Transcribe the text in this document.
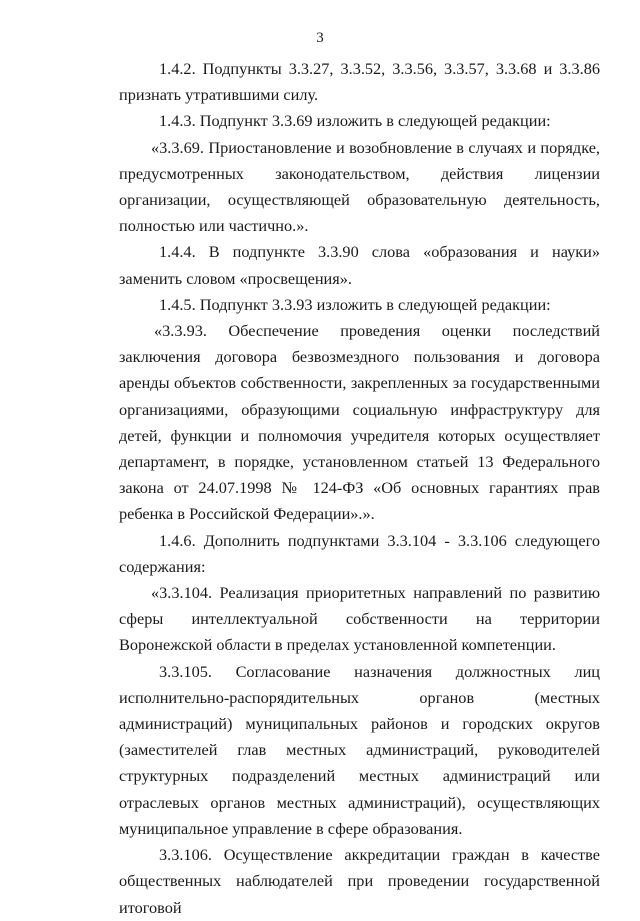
3

1.4.2. Подпункты 3.3.27, 3.3.52, 3.3.56, 3.3.57, 3.3.68 и 3.3.86 признать утратившими силу.

1.4.3. Подпункт 3.3.69 изложить в следующей редакции:

«3.3.69. Приостановление и возобновление в случаях и порядке, предусмотренных законодательством, действия лицензии организации, осуществляющей образовательную деятельность, полностью или частично.».

1.4.4. В подпункте 3.3.90 слова «образования и науки» заменить словом «просвещения».

1.4.5. Подпункт 3.3.93 изложить в следующей редакции:

«3.3.93. Обеспечение проведения оценки последствий заключения договора безвозмездного пользования и договора аренды объектов собственности, закрепленных за государственными организациями, образующими социальную инфраструктуру для детей, функции и полномочия учредителя которых осуществляет департамент, в порядке, установленном статьей 13 Федерального закона от 24.07.1998 № 124-ФЗ «Об основных гарантиях прав ребенка в Российской Федерации».».

1.4.6. Дополнить подпунктами 3.3.104 - 3.3.106 следующего содержания:

«3.3.104. Реализация приоритетных направлений по развитию сферы интеллектуальной собственности на территории Воронежской области в пределах установленной компетенции.

3.3.105. Согласование назначения должностных лиц исполнительно-распорядительных органов (местных администраций) муниципальных районов и городских округов (заместителей глав местных администраций, руководителей структурных подразделений местных администраций или отраслевых органов местных администраций), осуществляющих муниципальное управление в сфере образования.

3.3.106. Осуществление аккредитации граждан в качестве общественных наблюдателей при проведении государственной итоговой
